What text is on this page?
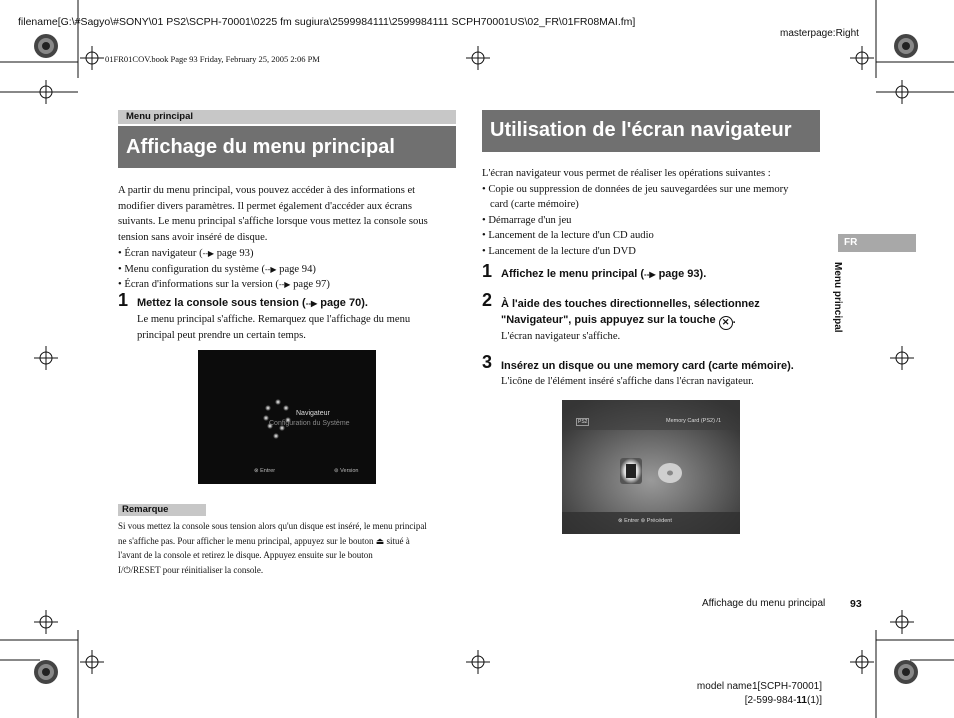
filename[G:\#Sagyo\#SONY\01 PS2\SCPH-70001\0225 fm sugiura\2599984111\2599984111 SCPH70001US\02_FR\01FR08MAI.fm]
masterpage:Right
01FR01COV.book Page 93 Friday, February 25, 2005 2:06 PM
Menu principal
Affichage du menu principal
A partir du menu principal, vous pouvez accéder à des informations et
modifier divers paramètres. Il permet également d'accéder aux écrans
suivants. Le menu principal s'affiche lorsque vous mettez la console sous
tension sans avoir inséré de disque.
• Écran navigateur (--▶ page 93)
• Menu configuration du système (--▶ page 94)
• Écran d'informations sur la version (--▶ page 97)
1 Mettez la console sous tension (--▶ page 70).
Le menu principal s'affiche. Remarquez que l'affichage du menu
principal peut prendre un certain temps.
Navigateur
Configuration du Système
⊗ Entrer	⊚ Version
Remarque
Si vous mettez la console sous tension alors qu'un disque est inséré, le menu principal
ne s'affiche pas. Pour afficher le menu principal, appuyez sur le bouton ⏏ situé à
l'avant de la console et retirez le disque. Appuyez ensuite sur le bouton
I/⏻/RESET pour réinitialiser la console.
Utilisation de l'écran navigateur
L'écran navigateur vous permet de réaliser les opérations suivantes :
• Copie ou suppression de données de jeu sauvegardées sur une memory
card (carte mémoire)
• Démarrage d'un jeu
• Lancement de la lecture d'un CD audio
• Lancement de la lecture d'un DVD
1 Affichez le menu principal (--▶ page 93).
2 À l'aide des touches directionnelles, sélectionnez
"Navigateur", puis appuyez sur la touche ✕ .
L'écran navigateur s'affiche.
3 Insérez un disque ou une memory card (carte mémoire).
L'icône de l'élément inséré s'affiche dans l'écran navigateur.
PS2	Memory Card (PS2) /1
⊗ Entrer ⊚ Précédent
FR
Menu principal
Affichage du menu principal 93
model name1[SCPH-70001]
[2-599-984-11(1)]
